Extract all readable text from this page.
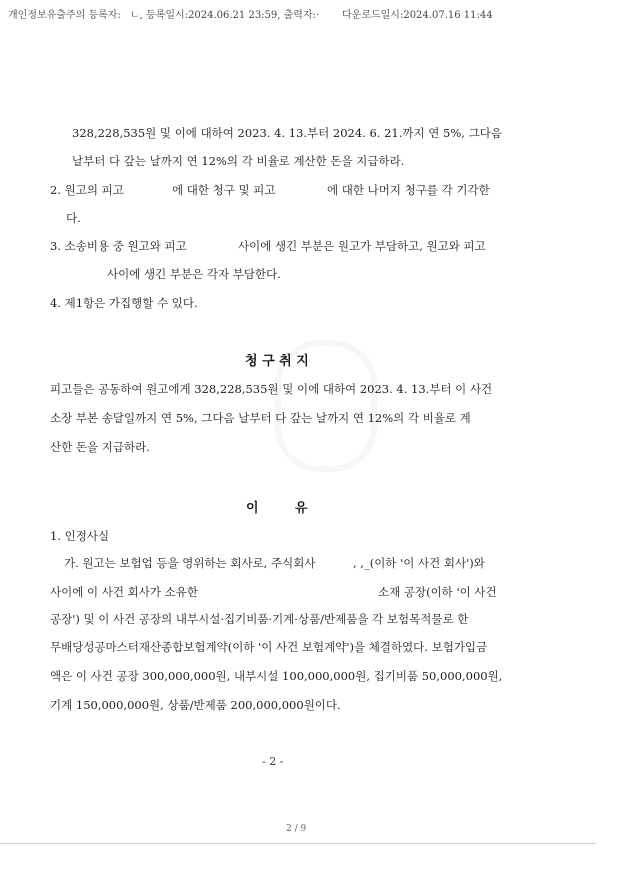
개인정보유출주의 등록자: ㄴ, 등록일시:2024.06.21 23:59, 출력자:· 다운로드일시:2024.07.16 11:44
328,228,535원 및 이에 대하여 2023. 4. 13.부터 2024. 6. 21.까지 연 5%, 그다음
날부터 다 갚는 날까지 연 12%의 각 비율로 계산한 돈을 지급하라.
2. 원고의 피고	에 대한 청구 및 피고	에 대한 나머지 청구를 각 기각한
다.
3. 소송비용 중 원고와 피고	사이에 생긴 부분은 원고가 부담하고, 원고와 피고
사이에 생긴 부분은 각자 부담한다.
4. 제1항은 가집행할 수 있다.
청 구 취 지
피고들은 공동하여 원고에게 328,228,535원 및 이에 대하여 2023. 4. 13.부터 이 사건
소장 부본 송달일까지 연 5%, 그다음 날부터 다 갚는 날까지 연 12%의 각 비율로 계
산한 돈을 지급하라.
이        유
1. 인정사실
가. 원고는 보험업 등을 영위하는 회사로, 주식회사	, ,_(이하 '이 사건 회사')와
사이에 이 사건 회사가 소유한	소재 공장(이하 '이 사건
공장') 및 이 사건 공장의 내부시설·집기비품·기계·상품/반제품을 각 보험목적물로 한
무배당성공마스터재산종합보험계약(이하 '이 사건 보험계약')을 체결하였다. 보험가입금
액은 이 사건 공장 300,000,000원, 내부시설 100,000,000원, 집기비품 50,000,000원,
기계 150,000,000원, 상품/반제품 200,000,000원이다.
- 2 -
2 / 9
